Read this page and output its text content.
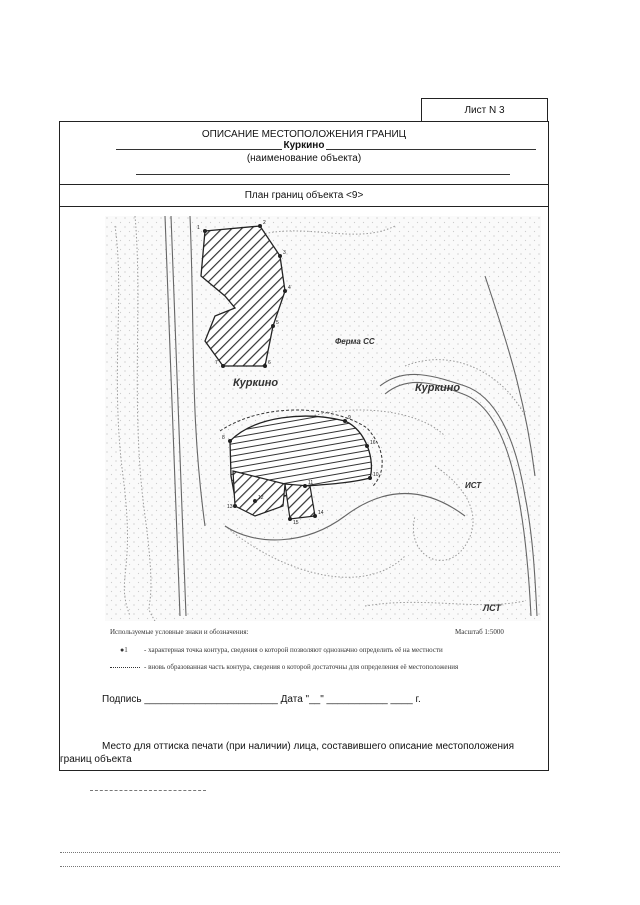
Лист N 3
ОПИСАНИЕ МЕСТОПОЛОЖЕНИЯ ГРАНИЦ
Куркино
(наименование объекта)
План границ объекта <9>
Куркино	Куркино
Ферма СС
ИСТ
ЛСТ
1
2
3
4
5
6
7
8
9
10
11
12
13
14
15
16
Используемые условные знаки и обозначения:	Масштаб 1:5000
●1 - характерная точка контура, сведения о которой позволяют однозначно определить её на местности
- вновь образованная часть контура, сведения о которой достаточны для определения её местоположения
Подпись ________________________ Дата "__" ___________ ____ г.
Место для оттиска печати (при наличии) лица, составившего описание местоположения границ объекта
